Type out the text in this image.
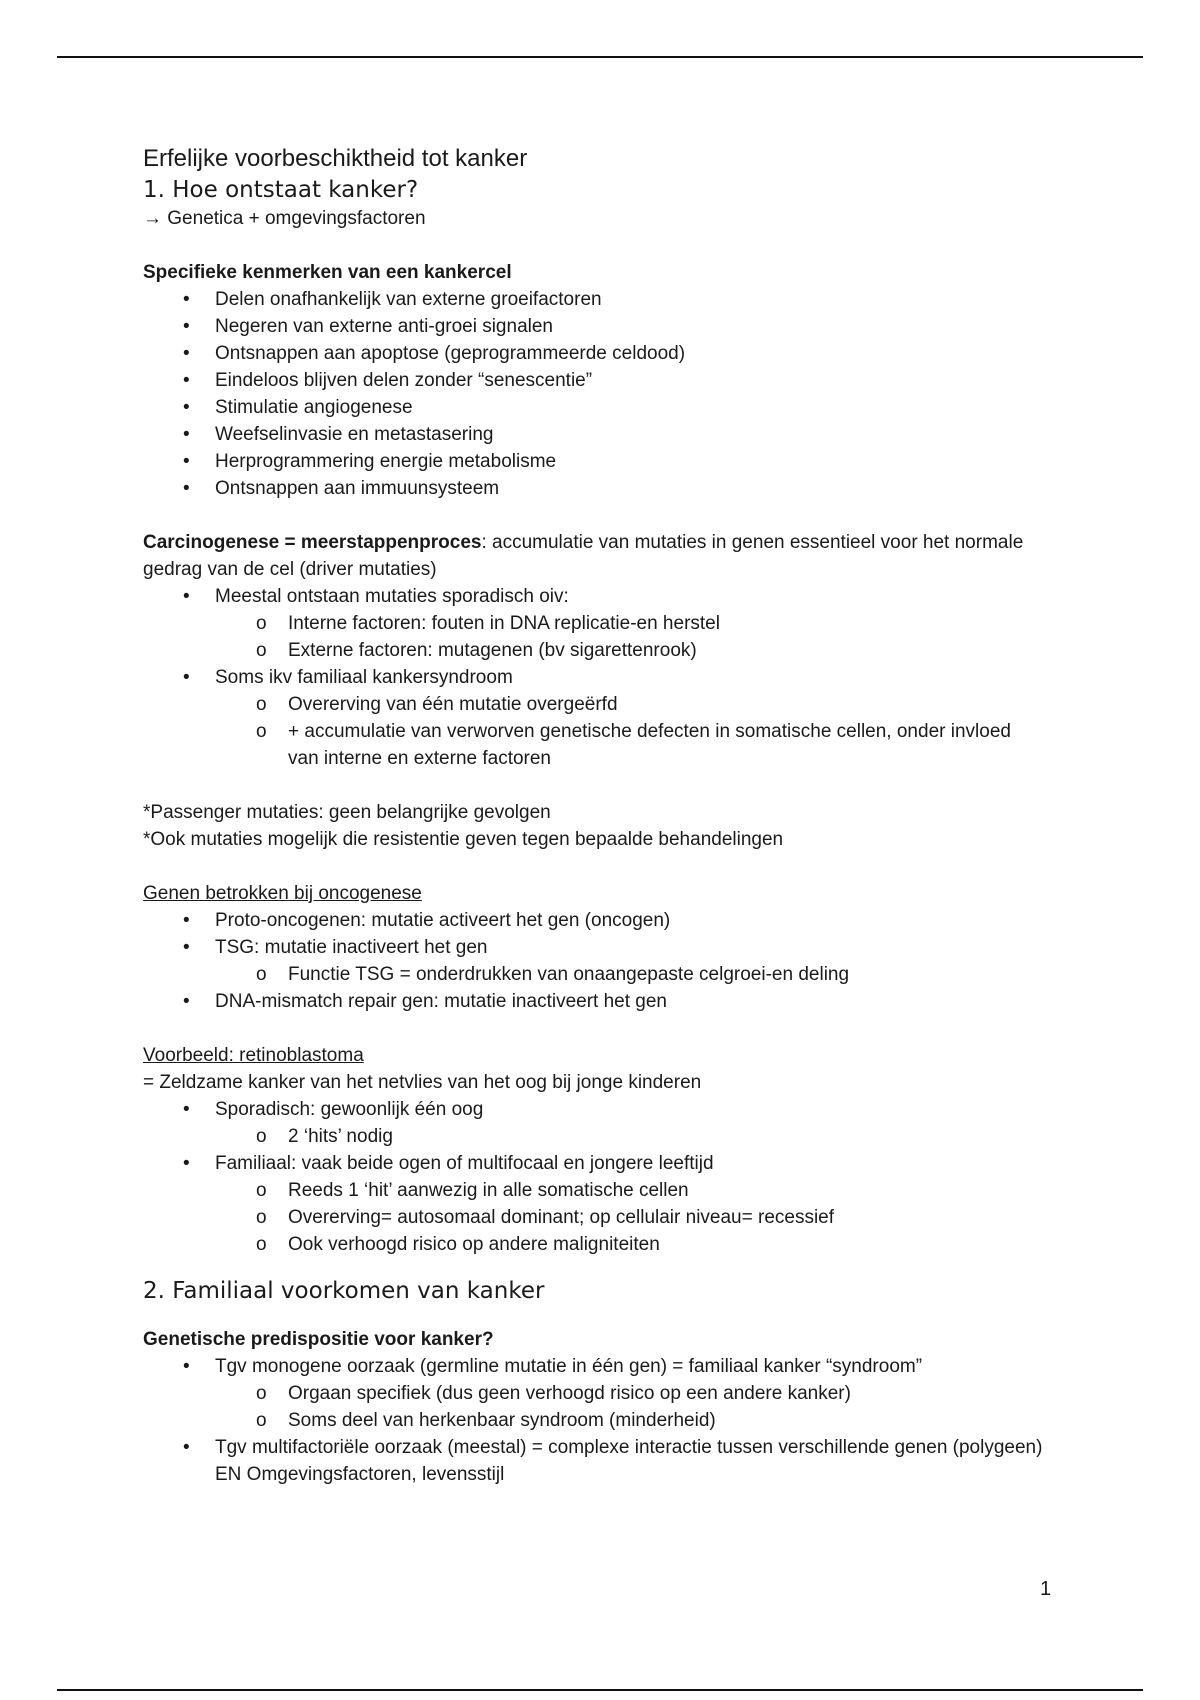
Erfelijke voorbeschiktheid tot kanker

1. Hoe ontstaat kanker?

→ Genetica + omgevingsfactoren

Specifieke kenmerken van een kankercel

• Delen onafhankelijk van externe groeifactoren
• Negeren van externe anti-groei signalen
• Ontsnappen aan apoptose (geprogrammeerde celdood)
• Eindeloos blijven delen zonder “senescentie”
• Stimulatie angiogenese
• Weefselinvasie en metastasering
• Herprogrammering energie metabolisme
• Ontsnappen aan immuunsysteem

Carcinogenese = meerstappenproces: accumulatie van mutaties in genen essentieel voor het normale gedrag van de cel (driver mutaties)

• Meestal ontstaan mutaties sporadisch oiv:
o Interne factoren: fouten in DNA replicatie-en herstel
o Externe factoren: mutagenen (bv sigarettenrook)
• Soms ikv familiaal kankersyndroom
o Overerving van één mutatie overgeërfd
o + accumulatie van verworven genetische defecten in somatische cellen, onder invloed van interne en externe factoren

*Passenger mutaties: geen belangrijke gevolgen

*Ook mutaties mogelijk die resistentie geven tegen bepaalde behandelingen

Genen betrokken bij oncogenese

• Proto-oncogenen: mutatie activeert het gen (oncogen)
• TSG: mutatie inactiveert het gen
o Functie TSG = onderdrukken van onaangepaste celgroei-en deling
• DNA-mismatch repair gen: mutatie inactiveert het gen

Voorbeeld: retinoblastoma

= Zeldzame kanker van het netvlies van het oog bij jonge kinderen

• Sporadisch: gewoonlijk één oog
o 2 ‘hits’ nodig
• Familiaal: vaak beide ogen of multifocaal en jongere leeftijd
o Reeds 1 ‘hit’ aanwezig in alle somatische cellen
o Overerving= autosomaal dominant; op cellulair niveau= recessief
o Ook verhoogd risico op andere maligniteiten

2. Familiaal voorkomen van kanker

Genetische predispositie voor kanker?

• Tgv monogene oorzaak (germline mutatie in één gen) = familiaal kanker “syndroom”
o Orgaan specifiek (dus geen verhoogd risico op een andere kanker)
o Soms deel van herkenbaar syndroom (minderheid)
• Tgv multifactoriële oorzaak (meestal) = complexe interactie tussen verschillende genen (polygeen) EN Omgevingsfactoren, levensstijl
1
